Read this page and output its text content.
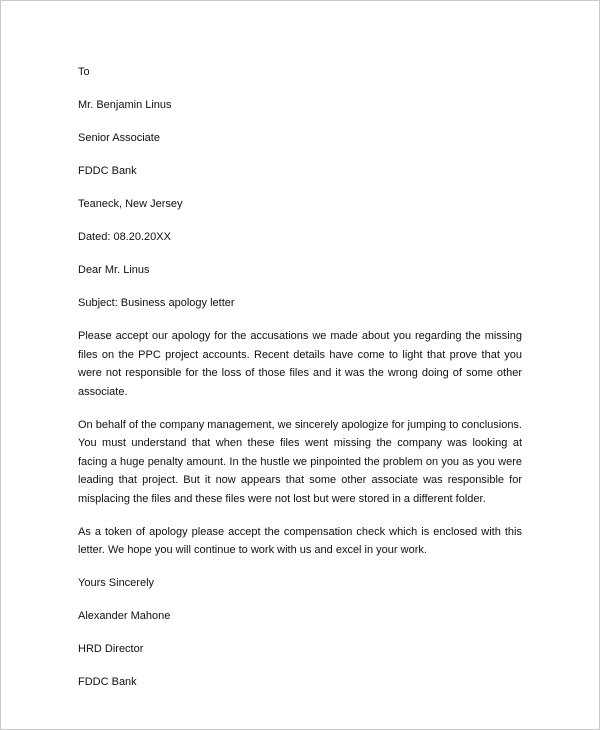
To
Mr. Benjamin Linus
Senior Associate
FDDC Bank
Teaneck, New Jersey
Dated: 08.20.20XX
Dear Mr. Linus
Subject: Business apology letter

Please accept our apology for the accusations we made about you regarding the missing files on the PPC project accounts. Recent details have come to light that prove that you were not responsible for the loss of those files and it was the wrong doing of some other associate.

On behalf of the company management, we sincerely apologize for jumping to conclusions. You must understand that when these files went missing the company was looking at facing a huge penalty amount. In the hustle we pinpointed the problem on you as you were leading that project. But it now appears that some other associate was responsible for misplacing the files and these files were not lost but were stored in a different folder.

As a token of apology please accept the compensation check which is enclosed with this letter. We hope you will continue to work with us and excel in your work.

Yours Sincerely
Alexander Mahone
HRD Director
FDDC Bank
